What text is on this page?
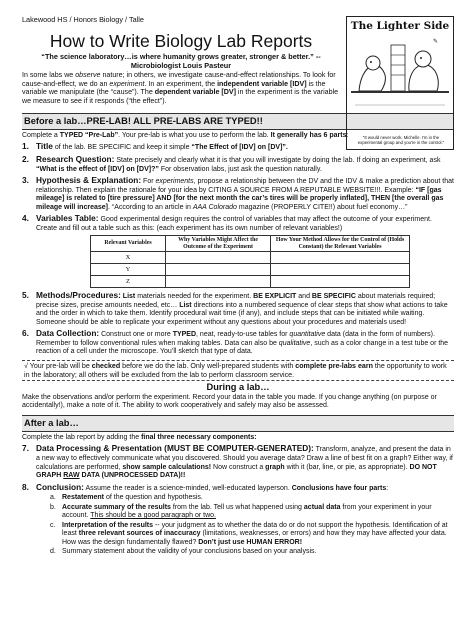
The Lighter Side
✎
"It would never work, Michelle. I'm in the experimental group and you're in the control."

Lakewood HS / Honors Biology / Talle

How to Write Biology Lab Reports

“The science laboratory…is where humanity grows greater, stronger & better.” --
Microbiologist Louis Pasteur

In some labs we observe nature; in others, we investigate cause-and-effect relationships. To look for cause-and-effect, we do an experiment. In an experiment, the independent variable [IDV] is the variable we manipulate (the “cause”). The dependent variable [DV] in the experiment is the variable we measure to see if it responds (“the effect”).

Before a lab…PRE-LAB! ALL PRE-LABS ARE TYPED!!

Complete a TYPED “Pre-Lab”. Your pre-lab is what you use to perform the lab. It generally has 6 parts:

1. Title of the lab. BE SPECIFIC and keep it simple “The Effect of [IDV] on [DV]”.
2. Research Question: State precisely and clearly what it is that you will investigate by doing the lab. If doing an experiment, ask “What is the effect of [IDV] on [DV]?” For observation labs, just ask the question naturally.
3. Hypothesis & Explanation: For experiments, propose a relationship between the DV and the IDV & make a prediction about that relationship. Then explain the rationale for your idea by CITING A SOURCE FROM A REPUTABLE WEBSITE!!!. Example: “IF [gas mileage] is related to [tire pressure] AND [for the next month the car’s tires will be properly inflated], THEN [the overall gas mileage will increase]. “According to an article in AAA Colorado magazine (PROPERLY CITE!!) about fuel economy…”
4. Variables Table: Good experimental design requires the control of variables that may affect the outcome of your experiment. Create and fill out a table such as this: (each experiment has its own number of relevant variables!)
Relevant Variables	Why Variables Might Affect the Outcome of the Experiment	How Your Method Allows for the Control of (Holds Constant) the Relevant Variables
X		
Y		
Z		
5. Methods/Procedures: List materials needed for the experiment. BE EXPLICIT and BE SPECIFIC about materials required; precise sizes, precise amounts needed, etc… List directions into a numbered sequence of clear steps that show what actions to take and the order in which to take them. Identify procedural wait time (if any), and include steps that can be initiated while waiting. Someone should be able to replicate your experiment without any questions about your procedures and materials used!
6. Data Collection: Construct one or more TYPED, neat, ready-to-use tables for quantitative data (data in the form of numbers). Remember to follow conventional rules when making tables. Data can also be qualitative, such as a color change in a test tube or the reaction of a cell under the microscope. You’ll sketch that type of data.
√ Your pre-lab will be checked before we do the lab. Only well-prepared students with complete pre-labs earn the opportunity to work in the laboratory; all others will be excluded from the lab to perform classroom service.
During a lab…

Make the observations and/or perform the experiment. Record your data in the table you made. If you change anything (on purpose or accidentally!), make a note of it. The ability to work cooperatively and safely may also be assessed.

After a lab…

Complete the lab report by adding the final three necessary components:

7. Data Processing & Presentation (MUST BE COMPUTER-GENERATED): Transform, analyze, and present the data in a new way to effectively communicate what you discovered. Should you average data? Draw a line of best fit on a graph? Either way, if calculations are performed, show sample calculations! Now construct a graph with it (bar, line, or pie, as appropriate). DO NOT GRAPH RAW DATA (UNPROCESSED DATA)!!
8. Conclusion: Assume the reader is a science-minded, well-educated layperson. Conclusions have four parts:
a. Restatement of the question and hypothesis.
b. Accurate summary of the results from the lab. Tell us what happened using actual data from your experiment in your account. This should be a good paragraph or two.
c. Interpretation of the results -- your judgment as to whether the data do or do not support the hypothesis. Identification of at least three relevant sources of inaccuracy (limitations, weaknesses, or errors) and how they may have affected your data. How was the design fundamentally flawed? Don’t just use HUMAN ERROR!
d. Summary statement about the validity of your conclusions based on your analysis.
